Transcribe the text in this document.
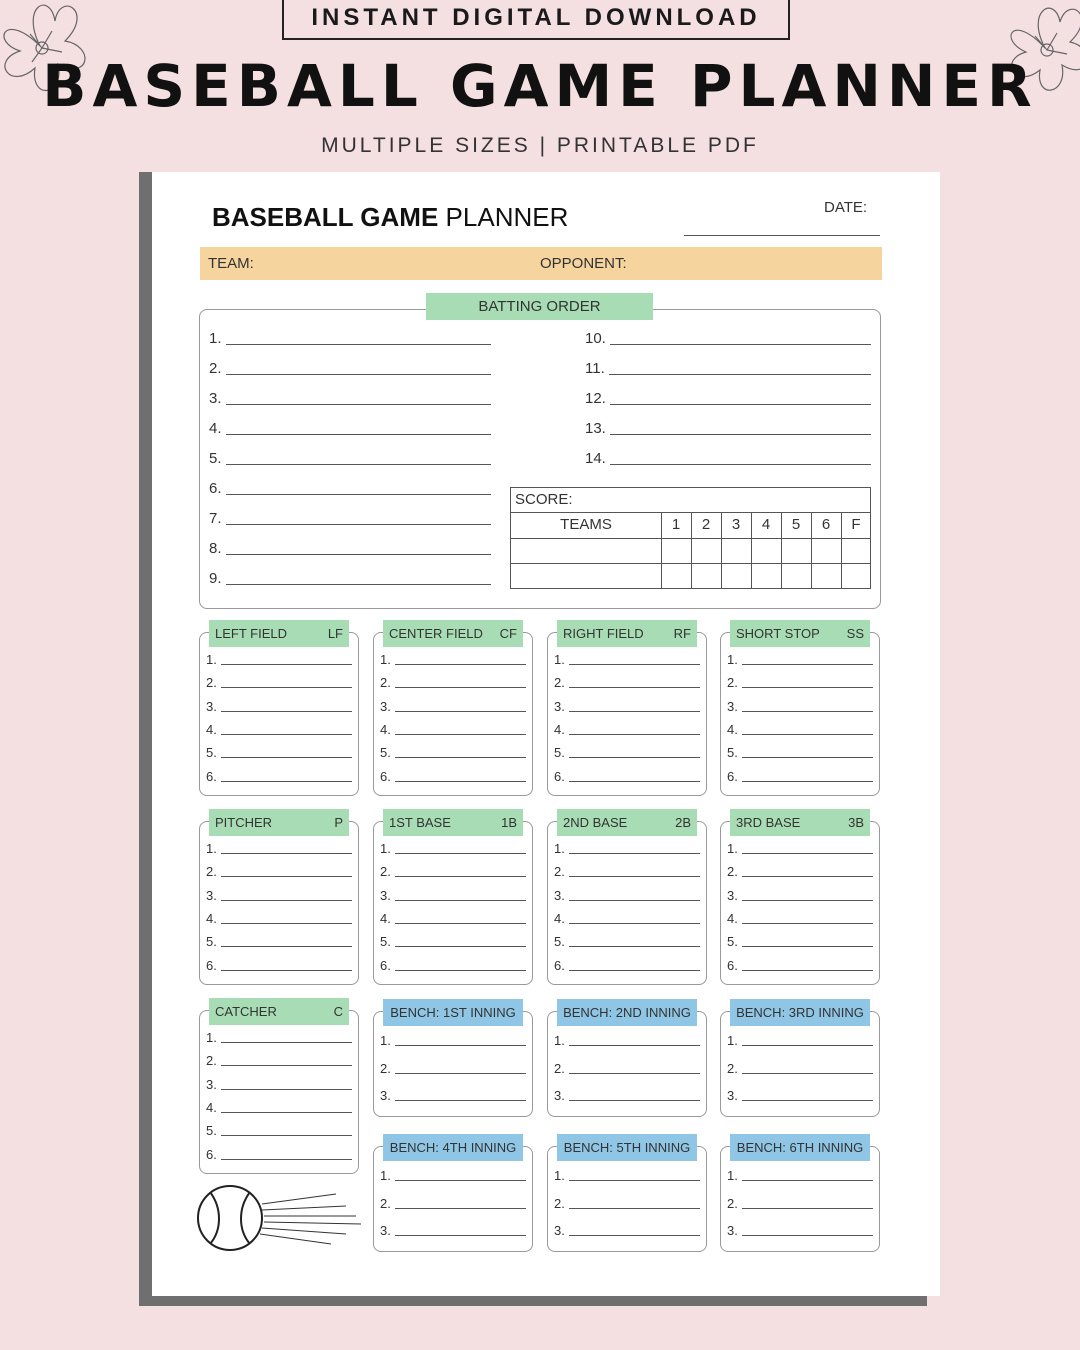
INSTANT DIGITAL DOWNLOAD
BASEBALL GAME PLANNER
MULTIPLE SIZES | PRINTABLE PDF
BASEBALL GAME PLANNER	DATE:
TEAM:	OPPONENT:
BATTING ORDER
1.
2.
3.
4.
5.
6.
7.
8.
9.
10.
11.
12.
13.
14.
SCORE:
TEAMS	1	2	3	4	5	6	F
LEFT FIELD	LF
1.
2.
3.
4.
5.
6.
CENTER FIELD CF
1.
2.
3.
4.
5.
6.
RIGHT FIELD RF
1.
2.
3.
4.
5.
6.
SHORT STOP SS
1.
2.
3.
4.
5.
6.
PITCHER	P
1.
2.
3.
4.
5.
6.
1ST BASE	1B
1.
2.
3.
4.
5.
6.
2ND BASE	2B
1.
2.
3.
4.
5.
6.
3RD BASE	3B
1.
2.
3.
4.
5.
6.
CATCHER	C
1.
2.
3.
4.
5.
6.
BENCH: 1ST INNING
1.
2.
3.
BENCH: 2ND INNING
1.
2.
3.
BENCH: 3RD INNING
1.
2.
3.
BENCH: 4TH INNING
1.
2.
3.
BENCH: 5TH INNING
1.
2.
3.
BENCH: 6TH INNING
1.
2.
3.
